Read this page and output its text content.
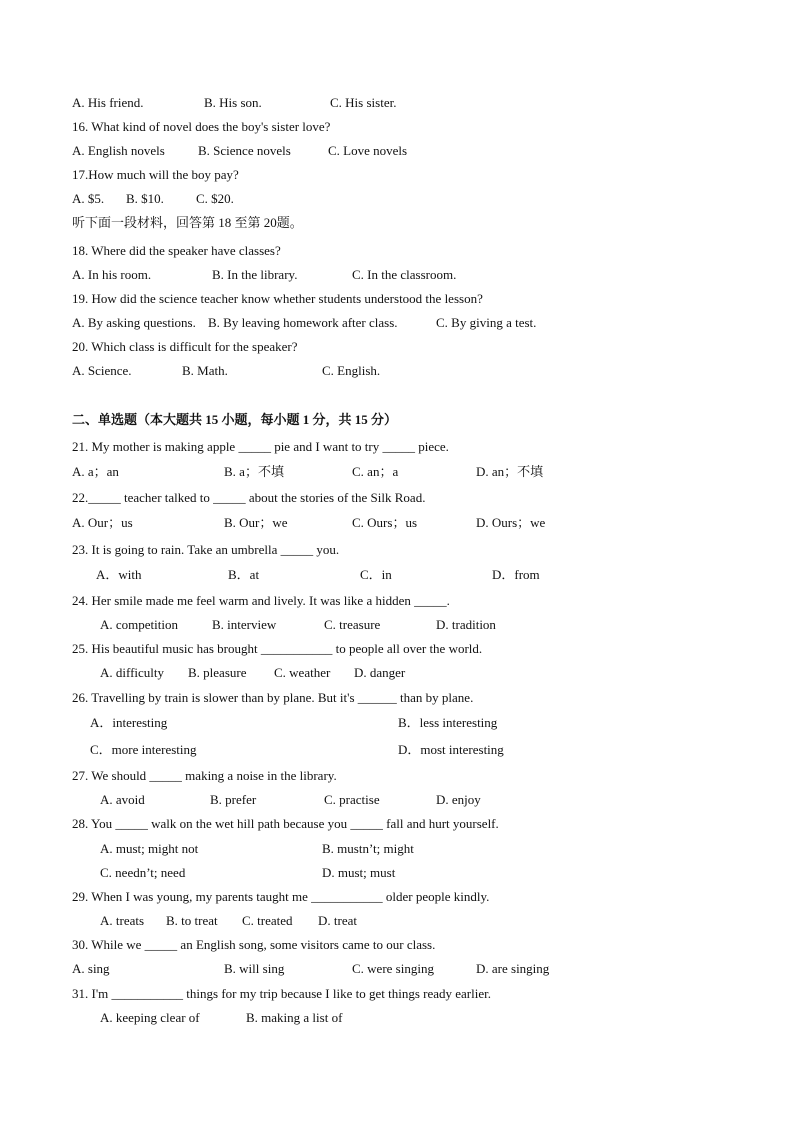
A. His friend.	B. His son.	C. His sister.
16. What kind of novel does the boy's sister love?
A. English novels	B. Science novels	C. Love novels
17.How much will the boy pay?
A. $5. B. $10. C. $20.
听下面一段材料，回答第 18 至第 20题。
18. Where did the speaker have classes?
A. In his room.	B. In the library.	C. In the classroom.
19. How did the science teacher know whether students understood the lesson?
A. By asking questions. B. By leaving homework after class.	C. By giving a test.
20. Which class is difficult for the speaker?
A. Science.	B. Math.	C. English.
二、单选题（本大题共 15 小题，每小题 1 分，共 15 分）
21. My mother is making apple _____ pie and I want to try _____ piece.
A. a；an	B. a；不填	C. an；a	D. an；不填
22._____ teacher talked to _____ about the stories of the Silk Road.
A. Our；us	B. Our；we	C. Ours；us	D. Ours；we
23. It is going to rain. Take an umbrella _____ you.
A．with	B．at	C．in	D．from
24. Her smile made me feel warm and lively. It was like a hidden _____.
A. competition	B. interview	C. treasure	D. tradition
25. His beautiful music has brought ___________ to people all over the world.
A. difficulty B. pleasure C. weather D. danger
26. Travelling by train is slower than by plane. But it's ______ than by plane.
A．interesting	B．less interesting
C．more interesting	D．most interesting
27. We should _____ making a noise in the library.
A. avoid	B. prefer	C. practise	D. enjoy
28. You _____ walk on the wet hill path because you _____ fall and hurt yourself.
A. must; might not	B. mustn’t; might
C. needn’t; need	D. must; must
29. When I was young, my parents taught me ___________ older people kindly.
A. treats B. to treat C. treated D. treat
30. While we _____ an English song, some visitors came to our class.
A. sing	B. will sing	C. were singing	D. are singing
31. I'm ___________ things for my trip because I like to get things ready earlier.
A. keeping clear of	B. making a list of
